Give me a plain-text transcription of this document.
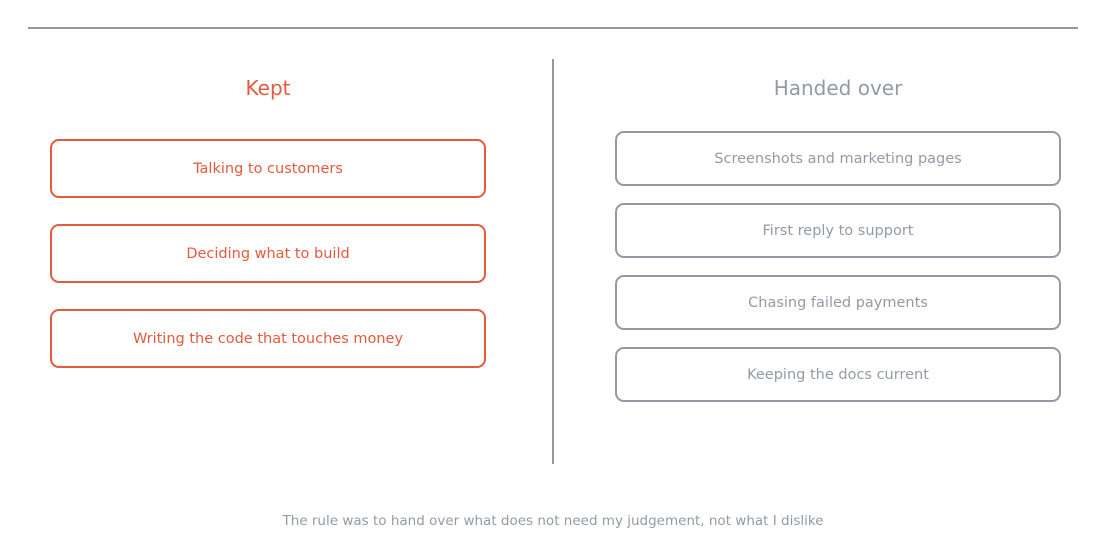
Kept
Talking to customers
Deciding what to build
Writing the code that touches money
Handed over
Screenshots and marketing pages
First reply to support
Chasing failed payments
Keeping the docs current
The rule was to hand over what does not need my judgement, not what I dislike
